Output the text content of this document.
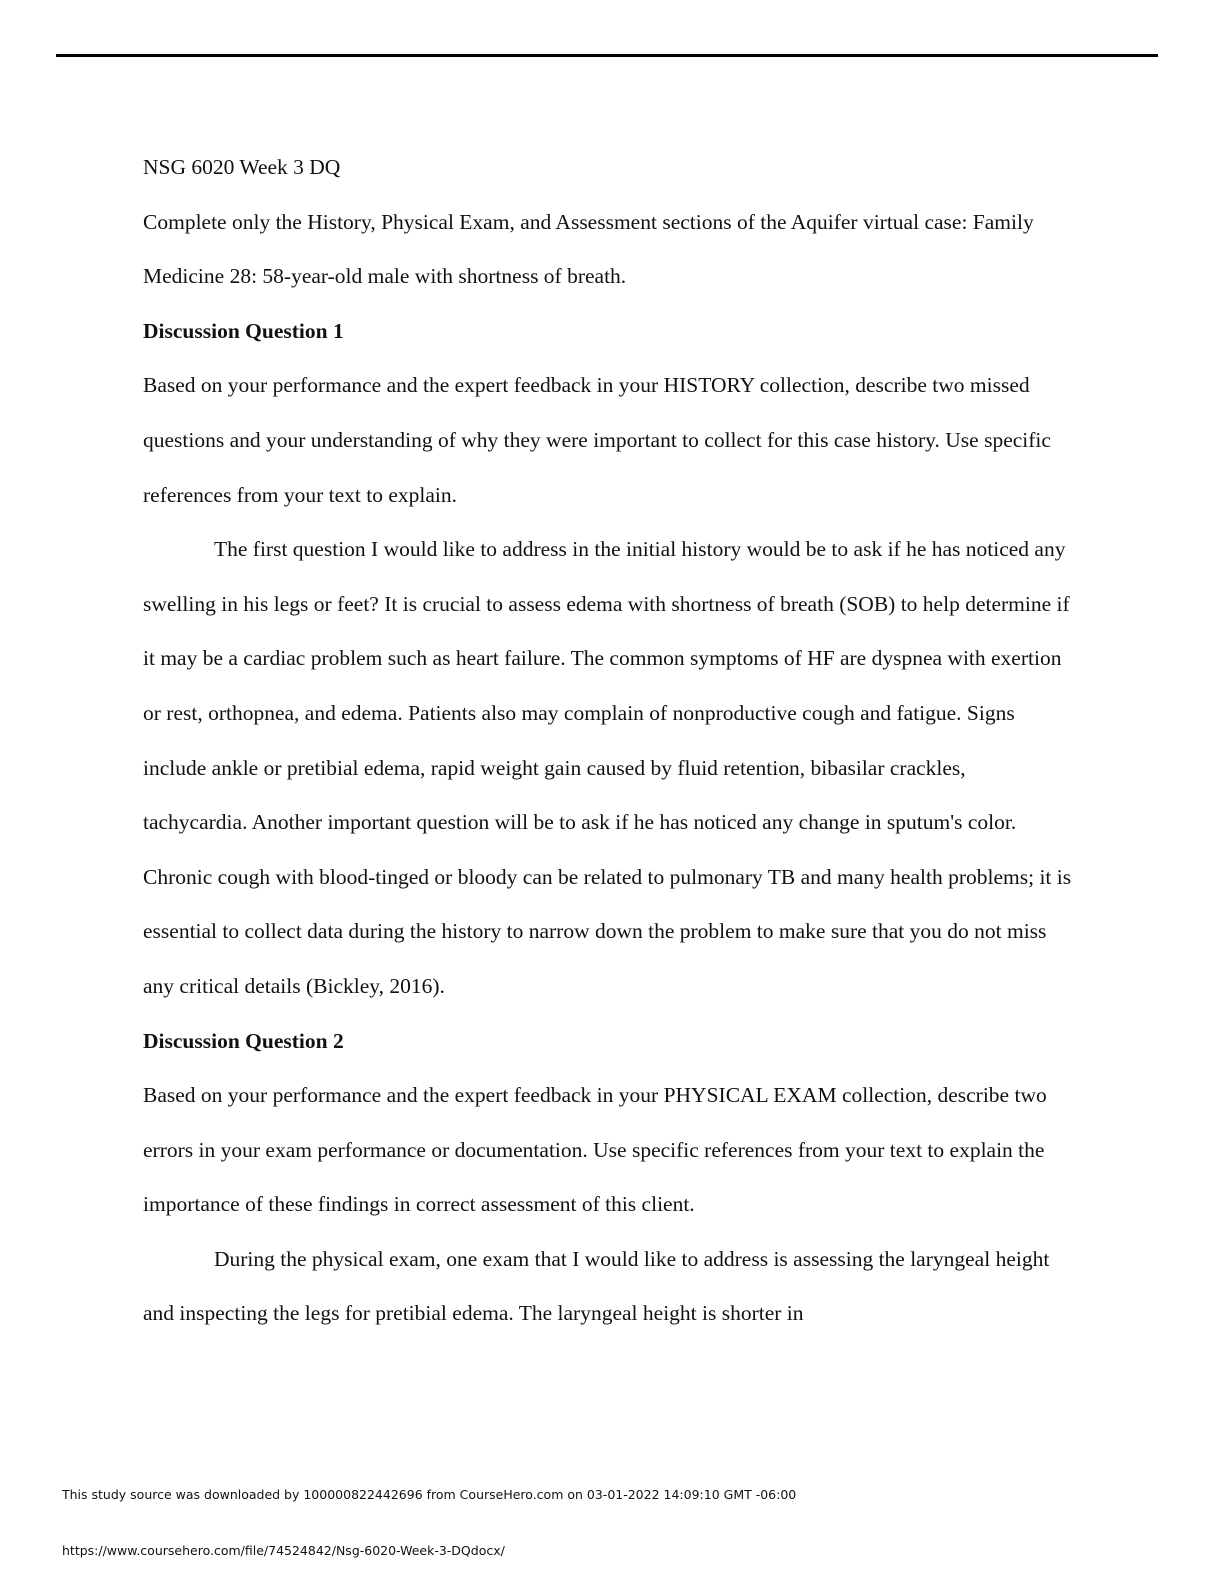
NSG 6020 Week 3 DQ

Complete only the History, Physical Exam, and Assessment sections of the Aquifer virtual case: Family Medicine 28: 58-year-old male with shortness of breath.

Discussion Question 1

Based on your performance and the expert feedback in your HISTORY collection, describe two missed questions and your understanding of why they were important to collect for this case history. Use specific references from your text to explain.

The first question I would like to address in the initial history would be to ask if he has noticed any swelling in his legs or feet? It is crucial to assess edema with shortness of breath (SOB) to help determine if it may be a cardiac problem such as heart failure. The common symptoms of HF are dyspnea with exertion or rest, orthopnea, and edema. Patients also may complain of nonproductive cough and fatigue. Signs include ankle or pretibial edema, rapid weight gain caused by fluid retention, bibasilar crackles, tachycardia. Another important question will be to ask if he has noticed any change in sputum's color. Chronic cough with blood-tinged or bloody can be related to pulmonary TB and many health problems; it is essential to collect data during the history to narrow down the problem to make sure that you do not miss any critical details (Bickley, 2016).

Discussion Question 2

Based on your performance and the expert feedback in your PHYSICAL EXAM collection, describe two errors in your exam performance or documentation. Use specific references from your text to explain the importance of these findings in correct assessment of this client.

During the physical exam, one exam that I would like to address is assessing the laryngeal height and inspecting the legs for pretibial edema. The laryngeal height is shorter in

This study source was downloaded by 100000822442696 from CourseHero.com on 03-01-2022 14:09:10 GMT -06:00
https://www.coursehero.com/file/74524842/Nsg-6020-Week-3-DQdocx/
